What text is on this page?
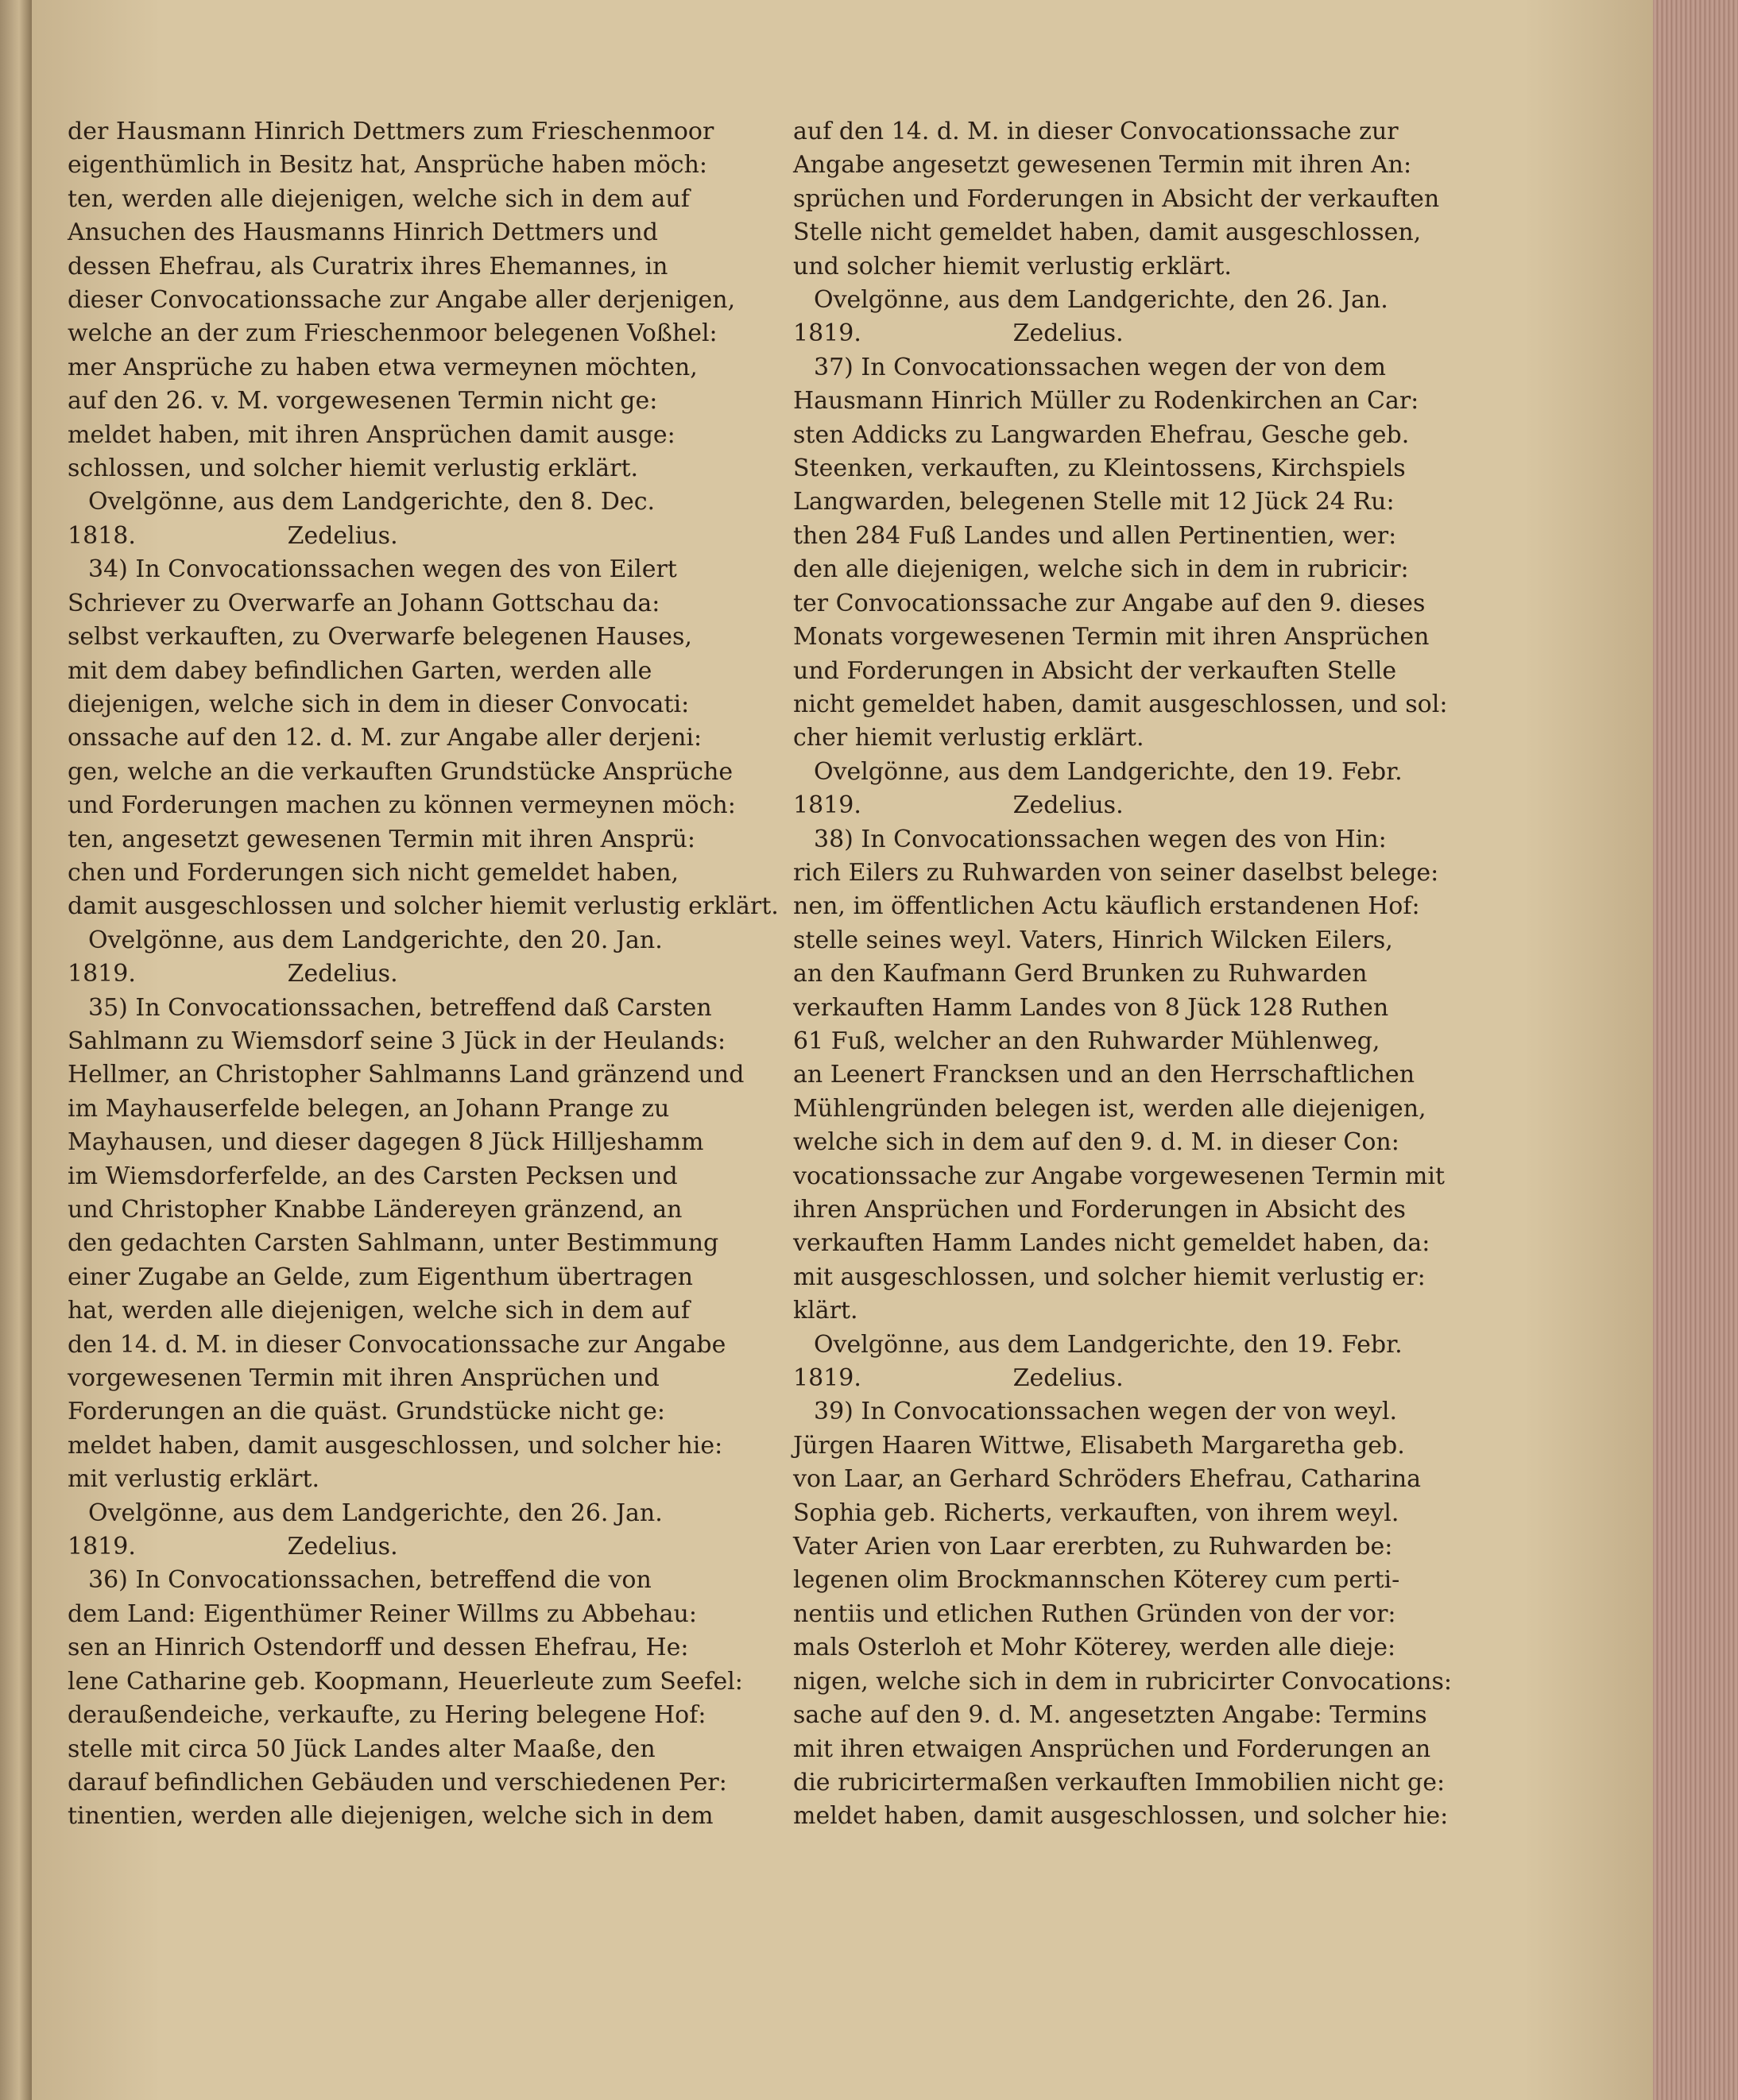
der Hausmann Hinrich Dettmers zum Frieschenmoor
eigenthümlich in Besitz hat, Ansprüche haben möch:
ten, werden alle diejenigen, welche sich in dem auf
Ansuchen des Hausmanns Hinrich Dettmers und
dessen Ehefrau, als Curatrix ihres Ehemannes, in
dieser Convocationssache zur Angabe aller derjenigen,
welche an der zum Frieschenmoor belegenen Voßhel:
mer Ansprüche zu haben etwa vermeynen möchten,
auf den 26. v. M. vorgewesenen Termin nicht ge:
meldet haben, mit ihren Ansprüchen damit ausge:
schlossen, und solcher hiemit verlustig erklärt.
Ovelgönne, aus dem Landgerichte, den 8. Dec.
1818.                    Zedelius.
34) In Convocationssachen wegen des von Eilert
Schriever zu Overwarfe an Johann Gottschau da:
selbst verkauften, zu Overwarfe belegenen Hauses,
mit dem dabey befindlichen Garten, werden alle
diejenigen, welche sich in dem in dieser Convocati:
onssache auf den 12. d. M. zur Angabe aller derjeni:
gen, welche an die verkauften Grundstücke Ansprüche
und Forderungen machen zu können vermeynen möch:
ten, angesetzt gewesenen Termin mit ihren Ansprü:
chen und Forderungen sich nicht gemeldet haben,
damit ausgeschlossen und solcher hiemit verlustig erklärt.
Ovelgönne, aus dem Landgerichte, den 20. Jan.
1819.                    Zedelius.
35) In Convocationssachen, betreffend daß Carsten
Sahlmann zu Wiemsdorf seine 3 Jück in der Heulands:
Hellmer, an Christopher Sahlmanns Land gränzend und
im Mayhauserfelde belegen, an Johann Prange zu
Mayhausen, und dieser dagegen 8 Jück Hilljeshamm
im Wiemsdorferfelde, an des Carsten Pecksen und
und Christopher Knabbe Ländereyen gränzend, an
den gedachten Carsten Sahlmann, unter Bestimmung
einer Zugabe an Gelde, zum Eigenthum übertragen
hat, werden alle diejenigen, welche sich in dem auf
den 14. d. M. in dieser Convocationssache zur Angabe
vorgewesenen Termin mit ihren Ansprüchen und
Forderungen an die quäst. Grundstücke nicht ge:
meldet haben, damit ausgeschlossen, und solcher hie:
mit verlustig erklärt.
Ovelgönne, aus dem Landgerichte, den 26. Jan.
1819.                    Zedelius.
36) In Convocationssachen, betreffend die von
dem Land: Eigenthümer Reiner Willms zu Abbehau:
sen an Hinrich Ostendorff und dessen Ehefrau, He:
lene Catharine geb. Koopmann, Heuerleute zum Seefel:
deraußendeiche, verkaufte, zu Hering belegene Hof:
stelle mit circa 50 Jück Landes alter Maaße, den
darauf befindlichen Gebäuden und verschiedenen Per:
tinentien, werden alle diejenigen, welche sich in dem
auf den 14. d. M. in dieser Convocationssache zur
Angabe angesetzt gewesenen Termin mit ihren An:
sprüchen und Forderungen in Absicht der verkauften
Stelle nicht gemeldet haben, damit ausgeschlossen,
und solcher hiemit verlustig erklärt.
Ovelgönne, aus dem Landgerichte, den 26. Jan.
1819.                    Zedelius.
37) In Convocationssachen wegen der von dem
Hausmann Hinrich Müller zu Rodenkirchen an Car:
sten Addicks zu Langwarden Ehefrau, Gesche geb.
Steenken, verkauften, zu Kleintossens, Kirchspiels
Langwarden, belegenen Stelle mit 12 Jück 24 Ru:
then 284 Fuß Landes und allen Pertinentien, wer:
den alle diejenigen, welche sich in dem in rubricir:
ter Convocationssache zur Angabe auf den 9. dieses
Monats vorgewesenen Termin mit ihren Ansprüchen
und Forderungen in Absicht der verkauften Stelle
nicht gemeldet haben, damit ausgeschlossen, und sol:
cher hiemit verlustig erklärt.
Ovelgönne, aus dem Landgerichte, den 19. Febr.
1819.                    Zedelius.
38) In Convocationssachen wegen des von Hin:
rich Eilers zu Ruhwarden von seiner daselbst belege:
nen, im öffentlichen Actu käuflich erstandenen Hof:
stelle seines weyl. Vaters, Hinrich Wilcken Eilers,
an den Kaufmann Gerd Brunken zu Ruhwarden
verkauften Hamm Landes von 8 Jück 128 Ruthen
61 Fuß, welcher an den Ruhwarder Mühlenweg,
an Leenert Francksen und an den Herrschaftlichen
Mühlengründen belegen ist, werden alle diejenigen,
welche sich in dem auf den 9. d. M. in dieser Con:
vocationssache zur Angabe vorgewesenen Termin mit
ihren Ansprüchen und Forderungen in Absicht des
verkauften Hamm Landes nicht gemeldet haben, da:
mit ausgeschlossen, und solcher hiemit verlustig er:
klärt.
Ovelgönne, aus dem Landgerichte, den 19. Febr.
1819.                    Zedelius.
39) In Convocationssachen wegen der von weyl.
Jürgen Haaren Wittwe, Elisabeth Margaretha geb.
von Laar, an Gerhard Schröders Ehefrau, Catharina
Sophia geb. Richerts, verkauften, von ihrem weyl.
Vater Arien von Laar ererbten, zu Ruhwarden be:
legenen olim Brockmannschen Köterey cum perti-
nentiis und etlichen Ruthen Gründen von der vor:
mals Osterloh et Mohr Köterey, werden alle dieje:
nigen, welche sich in dem in rubricirter Convocations:
sache auf den 9. d. M. angesetzten Angabe: Termins
mit ihren etwaigen Ansprüchen und Forderungen an
die rubricirtermaßen verkauften Immobilien nicht ge:
meldet haben, damit ausgeschlossen, und solcher hie:
